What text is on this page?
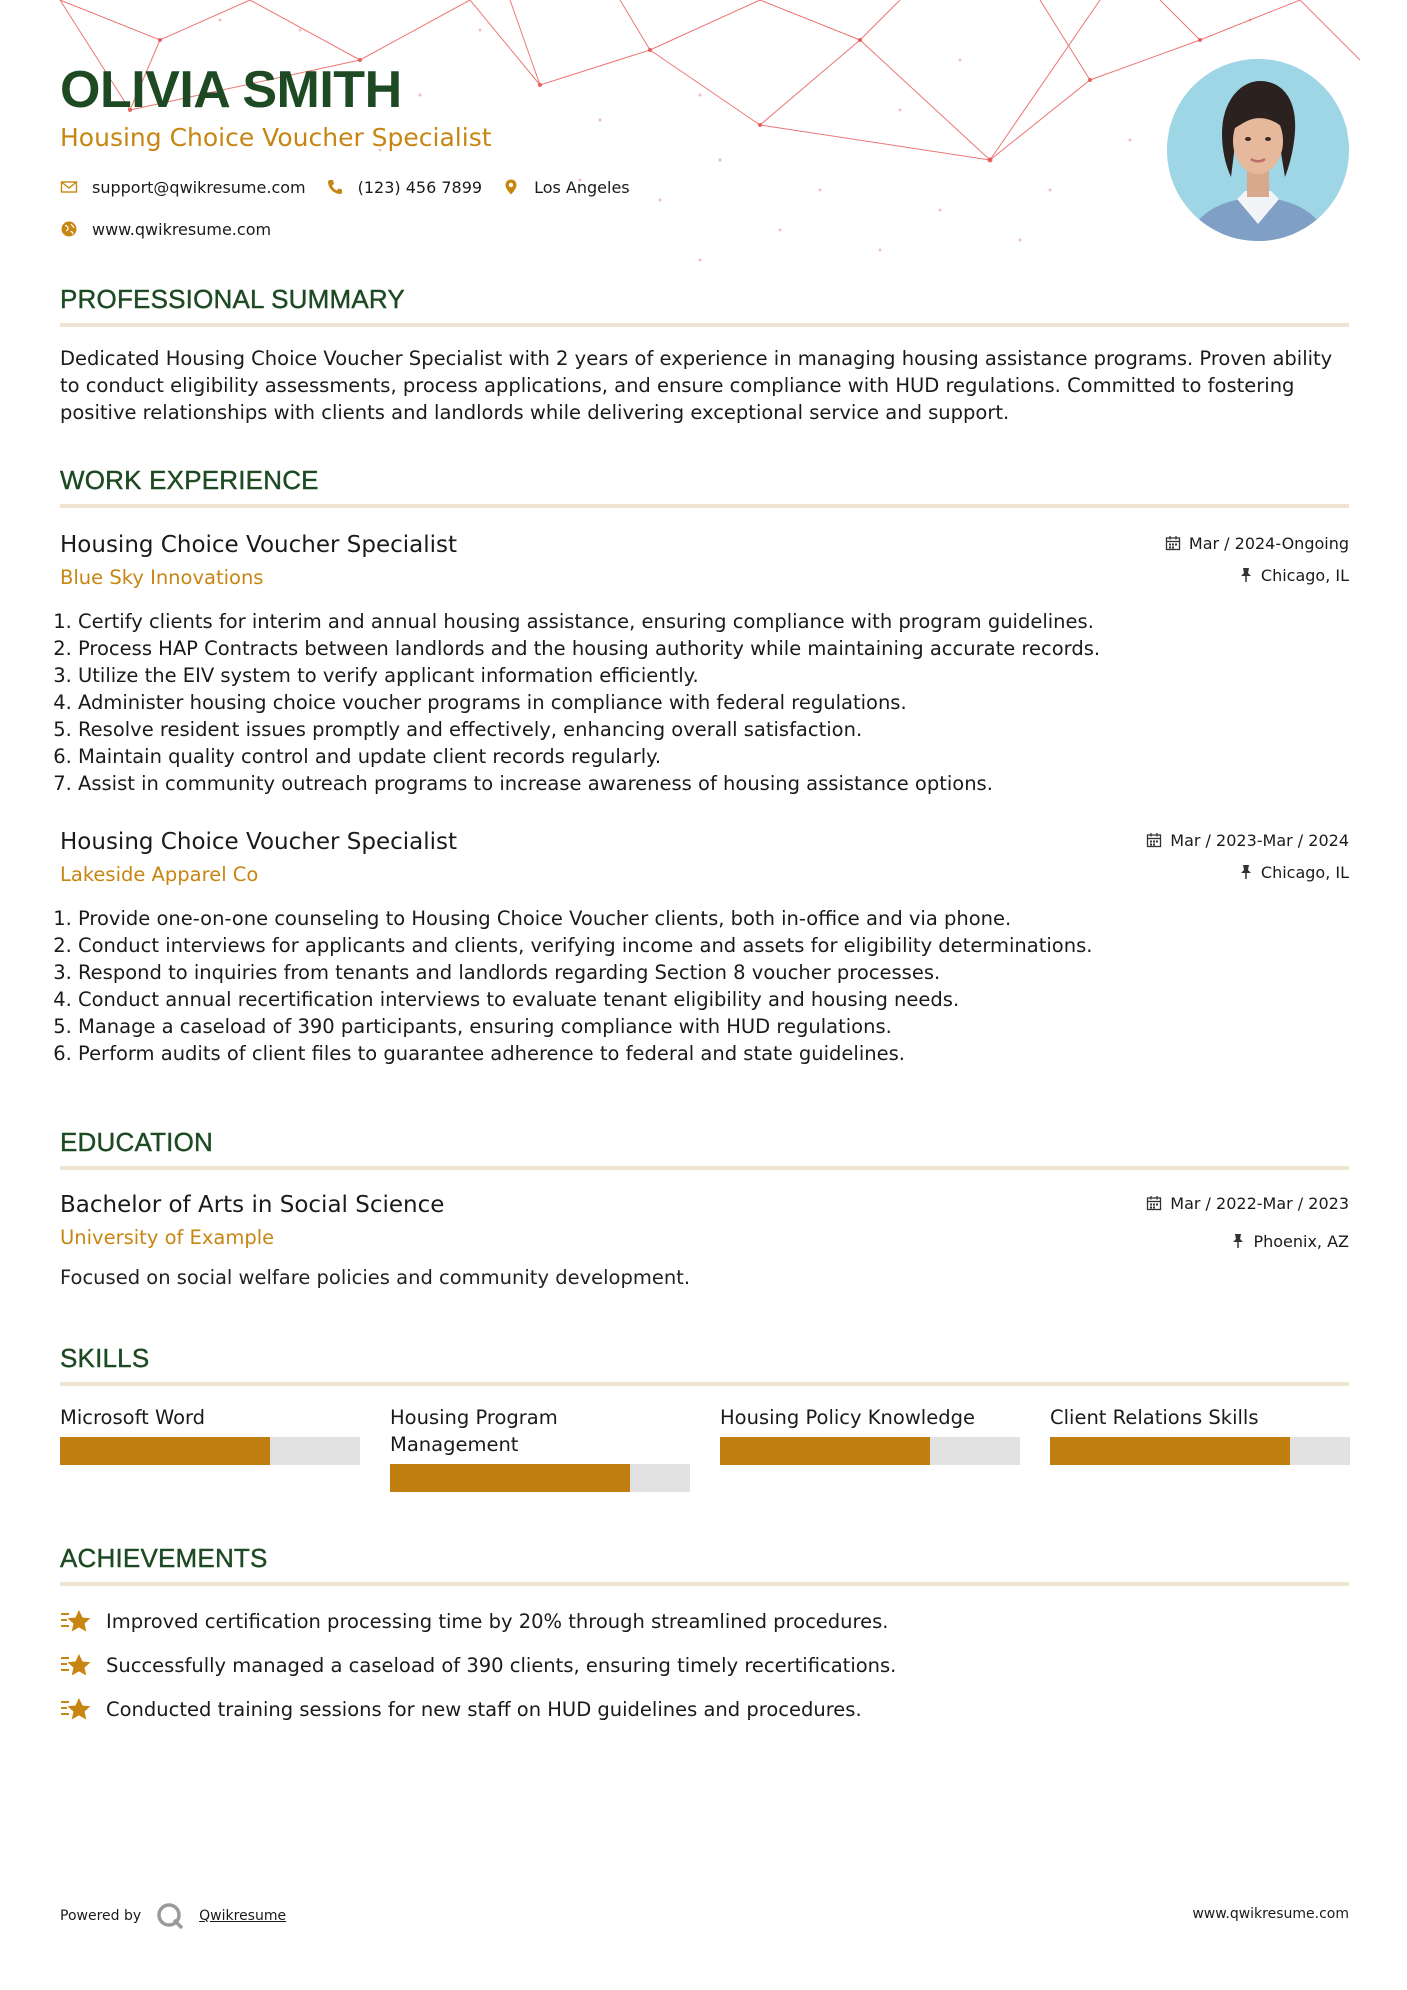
OLIVIA SMITH
Housing Choice Voucher Specialist
support@qwikresume.com	(123) 456 7899	Los Angeles
www.qwikresume.com
PROFESSIONAL SUMMARY
Dedicated Housing Choice Voucher Specialist with 2 years of experience in managing housing assistance programs. Proven ability to conduct eligibility assessments, process applications, and ensure compliance with HUD regulations. Committed to fostering positive relationships with clients and landlords while delivering exceptional service and support.
WORK EXPERIENCE
Housing Choice Voucher Specialist
Blue Sky Innovations
Mar / 2024-Ongoing
Chicago, IL
1. Certify clients for interim and annual housing assistance, ensuring compliance with program guidelines.
2. Process HAP Contracts between landlords and the housing authority while maintaining accurate records.
3. Utilize the EIV system to verify applicant information efficiently.
4. Administer housing choice voucher programs in compliance with federal regulations.
5. Resolve resident issues promptly and effectively, enhancing overall satisfaction.
6. Maintain quality control and update client records regularly.
7. Assist in community outreach programs to increase awareness of housing assistance options.
Housing Choice Voucher Specialist
Lakeside Apparel Co
Mar / 2023-Mar / 2024
Chicago, IL
1. Provide one-on-one counseling to Housing Choice Voucher clients, both in-office and via phone.
2. Conduct interviews for applicants and clients, verifying income and assets for eligibility determinations.
3. Respond to inquiries from tenants and landlords regarding Section 8 voucher processes.
4. Conduct annual recertification interviews to evaluate tenant eligibility and housing needs.
5. Manage a caseload of 390 participants, ensuring compliance with HUD regulations.
6. Perform audits of client files to guarantee adherence to federal and state guidelines.
EDUCATION
Bachelor of Arts in Social Science
University of Example
Mar / 2022-Mar / 2023
Phoenix, AZ
Focused on social welfare policies and community development.
SKILLS
Microsoft Word	Housing Program Management
Housing Policy Knowledge	Client Relations Skills
ACHIEVEMENTS
Improved certification processing time by 20% through streamlined procedures.
Successfully managed a caseload of 390 clients, ensuring timely recertifications.
Conducted training sessions for new staff on HUD guidelines and procedures.
Powered by	Qwikresume	www.qwikresume.com
